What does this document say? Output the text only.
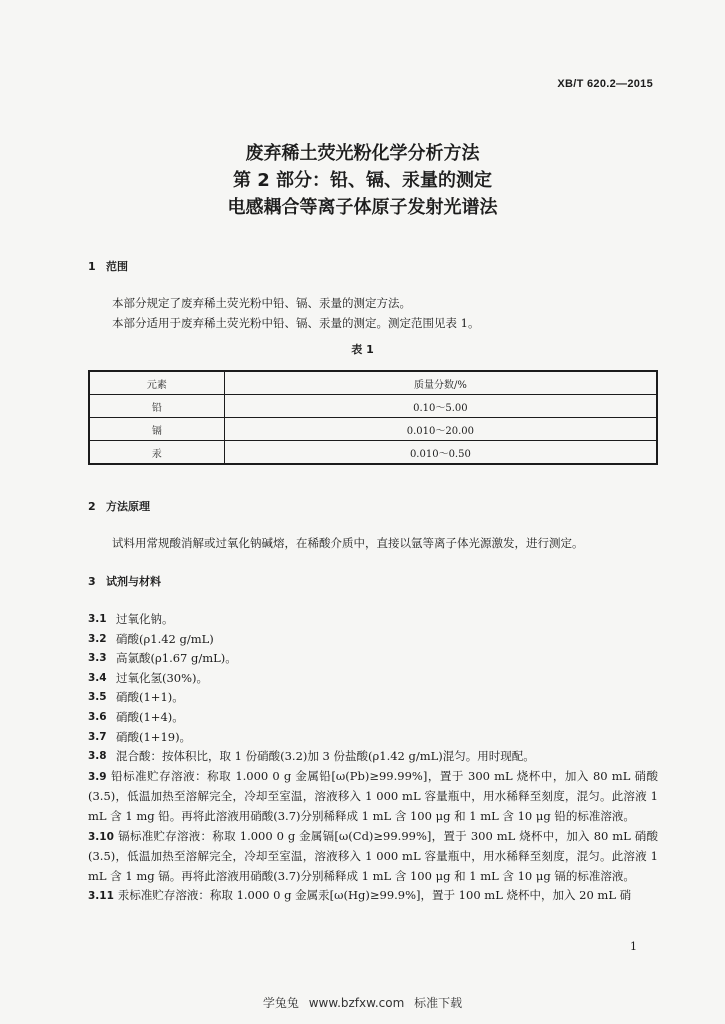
XB/T 620.2—2015
废弃稀土荧光粉化学分析方法
第 2 部分：铅、镉、汞量的测定
电感耦合等离子体原子发射光谱法
1 范围
本部分规定了废弃稀土荧光粉中铅、镉、汞量的测定方法。
本部分适用于废弃稀土荧光粉中铅、镉、汞量的测定。测定范围见表 1。
表 1
元素	质量分数/%
铅	0.10～5.00
镉	0.010～20.00
汞	0.010～0.50
2 方法原理
试料用常规酸消解或过氧化钠碱熔，在稀酸介质中，直接以氩等离子体光源激发，进行测定。
3 试剂与材料
3.1 过氧化钠。
3.2 硝酸(ρ1.42 g/mL)
3.3 高氯酸(ρ1.67 g/mL)。
3.4 过氧化氢(30%)。
3.5 硝酸(1+1)。
3.6 硝酸(1+4)。
3.7 硝酸(1+19)。
3.8 混合酸：按体积比，取 1 份硝酸(3.2)加 3 份盐酸(ρ1.42 g/mL)混匀。用时现配。
3.9 铅标准贮存溶液：称取 1.000 0 g 金属铅[ω(Pb)≥99.99%]，置于 300 mL 烧杯中，加入 80 mL 硝酸(3.5)，低温加热至溶解完全，冷却至室温，溶液移入 1 000 mL 容量瓶中，用水稀释至刻度，混匀。此溶液 1 mL 含 1 mg 铅。再将此溶液用硝酸(3.7)分别稀释成 1 mL 含 100 μg 和 1 mL 含 10 μg 铅的标准溶液。
3.10 镉标准贮存溶液：称取 1.000 0 g 金属镉[ω(Cd)≥99.99%]，置于 300 mL 烧杯中，加入 80 mL 硝酸(3.5)，低温加热至溶解完全，冷却至室温，溶液移入 1 000 mL 容量瓶中，用水稀释至刻度，混匀。此溶液 1 mL 含 1 mg 镉。再将此溶液用硝酸(3.7)分别稀释成 1 mL 含 100 μg 和 1 mL 含 10 μg 镉的标准溶液。
3.11 汞标准贮存溶液：称取 1.000 0 g 金属汞[ω(Hg)≥99.9%]，置于 100 mL 烧杯中，加入 20 mL 硝
1
学兔兔 www.bzfxw.com 标准下载
